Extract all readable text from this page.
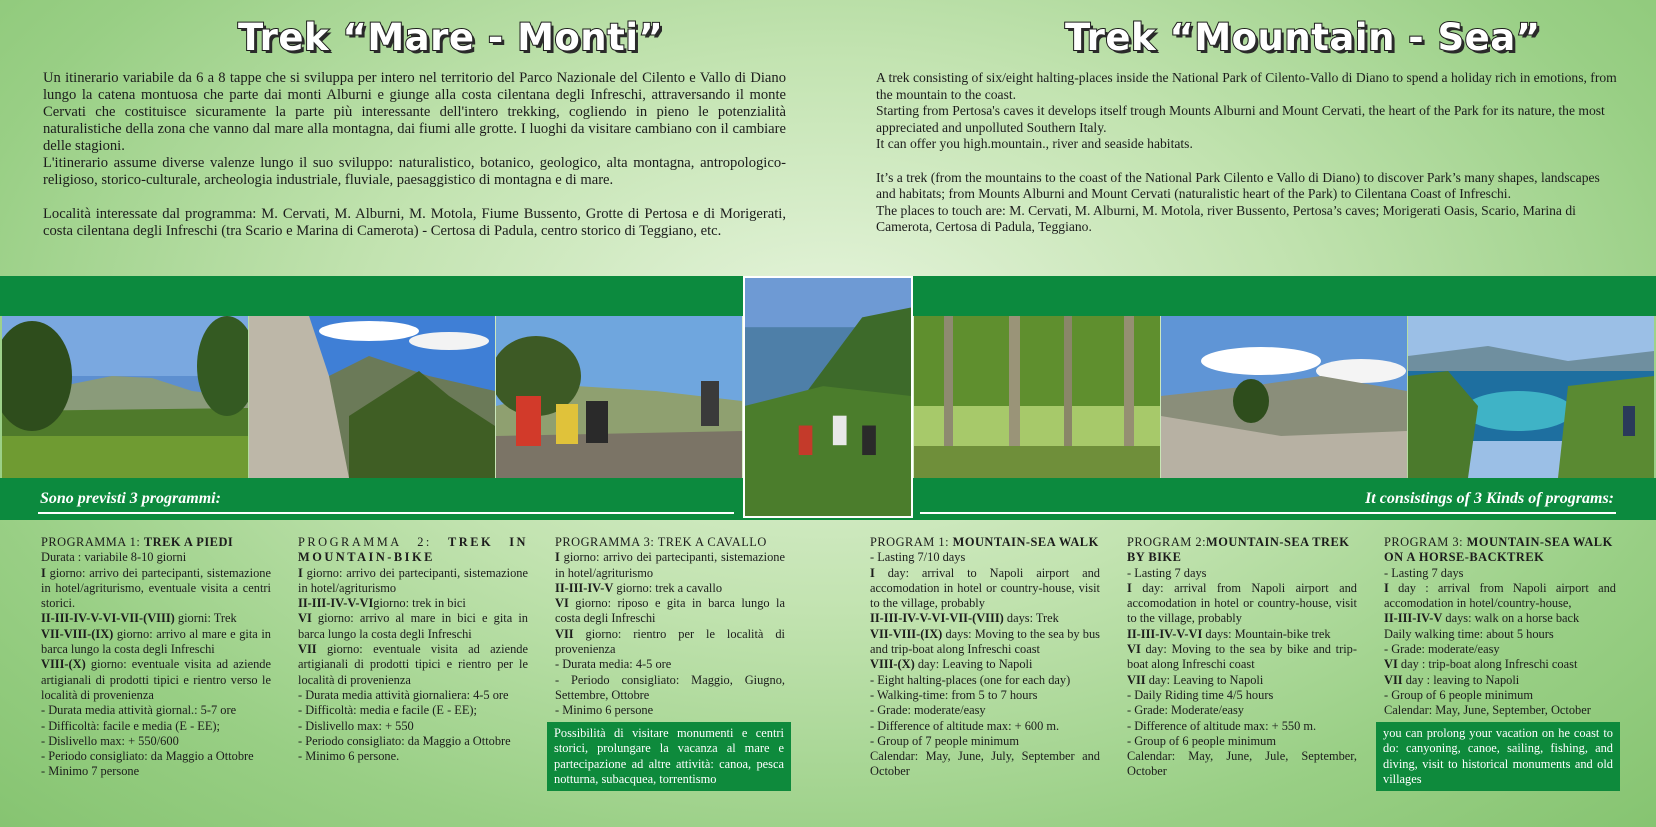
Trek “Mare - Monti”	Trek “Mountain - Sea”

Un itinerario variabile da 6 a 8 tappe che si sviluppa per intero nel territorio del Parco Nazionale del Cilento e Vallo di Diano lungo la catena montuosa che parte dai monti Alburni e giunge alla costa cilentana degli Infreschi, attraversando il monte Cervati che costituisce sicuramente la parte più interessante dell'intero trekking, cogliendo in pieno le potenzialità naturalistiche della zona che vanno dal mare alla montagna, dai fiumi alle grotte. I luoghi da visitare cambiano con il cambiare delle stagioni.

L'itinerario assume diverse valenze lungo il suo sviluppo: naturalistico, botanico, geologico, alta montagna, antropologico-religioso, storico-culturale, archeologia industriale, fluviale, paesaggistico di montagna e di mare.

Località interessate dal programma: M. Cervati, M. Alburni, M. Motola, Fiume Bussento, Grotte di Pertosa e di Morigerati, costa cilentana degli Infreschi (tra Scario e Marina di Camerota) - Certosa di Padula, centro storico di Teggiano, etc.

A trek consisting of six/eight halting-places inside the National Park of Cilento-Vallo di Diano to spend a holiday rich in emotions, from the mountain to the coast.

Starting from Pertosa's caves it develops itself trough Mounts Alburni and Mount Cervati, the heart of the Park for its nature, the most appreciated and unpolluted Southern Italy.

It can offer you high.mountain., river and seaside habitats.

It’s a trek (from the mountains to the coast of the National Park Cilento e Vallo di Diano) to discover Park’s many shapes, landscapes and habitats; from Mounts Alburni and Mount Cervati (naturalistic heart of the Park) to Cilentana Coast of Infreschi.

The places to touch are: M. Cervati, M. Alburni, M. Motola, river Bussento, Pertosa’s caves; Morigerati Oasis, Scario, Marina di Camerota, Certosa di Padula, Teggiano.

Sono previsti 3 programmi:	It consistings of 3 Kinds of programs:

PROGRAMMA 1: TREK A PIEDI

Durata : variabile 8-10 giorni

I giorno: arrivo dei partecipanti, sistemazione in hotel/agriturismo, eventuale visita a centri storici.

II-III-IV-V-VI-VII-(VIII) giorni: Trek

VII-VIII-(IX) giorno: arrivo al mare e gita in barca lungo la costa degli Infreschi

VIII-(X) giorno: eventuale visita ad aziende artigianali di prodotti tipici e rientro verso le località di provenienza

- Durata media attività giornal.: 5-7 ore

- Difficoltà: facile e media (E - EE);

- Dislivello max: + 550/600

- Periodo consigliato: da Maggio a Ottobre

- Minimo 7 persone

PROGRAMMA 2: TREK IN MOUNTAIN-BIKE

I giorno: arrivo dei partecipanti, sistemazione in hotel/agriturismo

II-III-IV-V-VIgiorno: trek in bici

VI giorno: arrivo al mare in bici e gita in barca lungo la costa degli Infreschi

VII giorno: eventuale visita ad aziende artigianali di prodotti tipici e rientro per le località di provenienza

- Durata media attività giornaliera: 4-5 ore

- Difficoltà: media e facile (E - EE);

- Dislivello max: + 550

- Periodo consigliato: da Maggio a Ottobre

- Minimo 6 persone.

PROGRAMMA 3: TREK A CAVALLO

I giorno: arrivo dei partecipanti, sistemazione in hotel/agriturismo

II-III-IV-V giorno: trek a cavallo

VI giorno: riposo e gita in barca lungo la costa degli Infreschi

VII giorno: rientro per le località di provenienza

- Durata media: 4-5 ore

- Periodo consigliato: Maggio, Giugno, Settembre, Ottobre

- Minimo 6 persone

Possibilità di visitare monumenti e centri storici, prolungare la vacanza al mare e partecipazione ad altre attività: canoa, pesca notturna, subacquea, torrentismo

PROGRAM 1: MOUNTAIN-SEA WALK

- Lasting 7/10 days

I day: arrival to Napoli airport and accomodation in hotel or country-house, visit to the village, probably

II-III-IV-V-VI-VII-(VIII) days: Trek

VII-VIII-(IX) days: Moving to the sea by bus and trip-boat along Infreschi coast

VIII-(X) day: Leaving to Napoli

- Eight halting-places (one for each day)

- Walking-time: from 5 to 7 hours

- Grade: moderate/easy

- Difference of altitude max: + 600 m.

- Group of 7 people minimum

Calendar: May, June, July, September and October

PROGRAM 2:MOUNTAIN-SEA TREK BY BIKE

- Lasting 7 days

I day: arrival from Napoli airport and accomodation in hotel or country-house, visit to the village, probably

II-III-IV-V-VI days: Mountain-bike trek

VI day: Moving to the sea by bike and trip-boat along Infreschi coast

VII day: Leaving to Napoli

- Daily Riding time 4/5 hours

- Grade: Moderate/easy

- Difference of altitude max: + 550 m.

- Group of 6 people minimum

Calendar: May, June, Jule, September, October

PROGRAM 3: MOUNTAIN-SEA WALK ON A HORSE-BACKTREK

- Lasting 7 days

I day : arrival from Napoli airport and accomodation in hotel/country-house,

II-III-IV-V days: walk on a horse back

Daily walking time: about 5 hours

- Grade: moderate/easy

VI day : trip-boat along Infreschi coast

VII day : leaving to Napoli

- Group of 6 people minimum

Calendar: May, June, September, October

you can prolong your vacation on he coast to do: canyoning, canoe, sailing, fishing, and diving, visit to historical monuments and old villages
